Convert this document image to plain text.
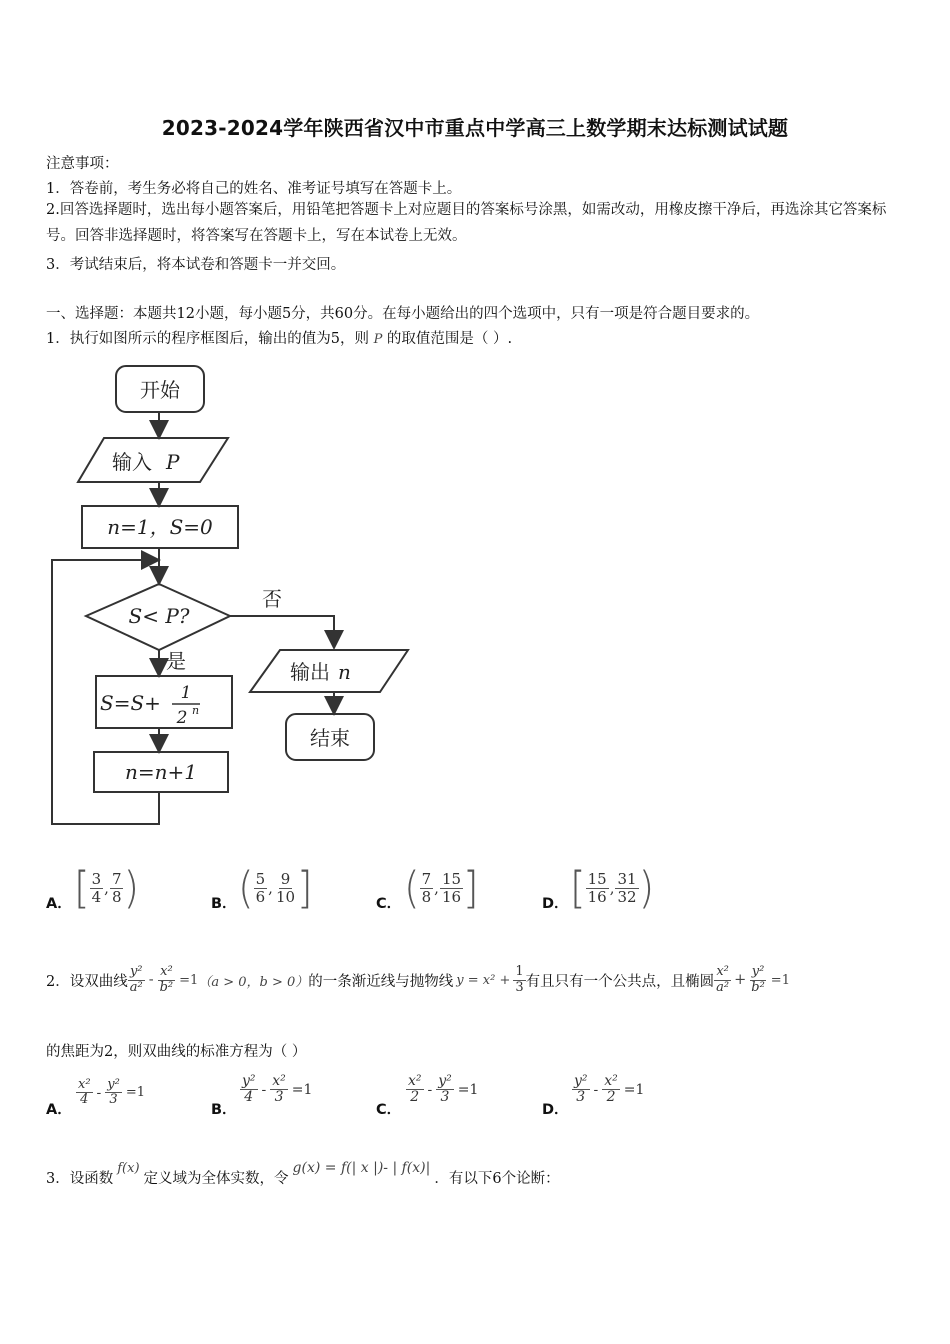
2023-2024学年陕西省汉中市重点中学高三上数学期末达标测试试题
注意事项：
1．答卷前，考生务必将自己的姓名、准考证号填写在答题卡上。
2.回答选择题时，选出每小题答案后，用铅笔把答题卡上对应题目的答案标号涂黑，如需改动，用橡皮擦干净后，再选涂其它答案标号。回答非选择题时，将答案写在答题卡上，写在本试卷上无效。
3．考试结束后，将本试卷和答题卡一并交回。
一、选择题：本题共12小题，每小题5分，共60分。在每小题给出的四个选项中，只有一项是符合题目要求的。
1．执行如图所示的程序框图后，输出的值为5，则 P 的取值范围是（ ）.
开始
输入 P
n=1，S=0
S< P?
否
是
S=S+ 1
2 n
n=n+1
输出 n
结束
A． [ $\frac{3}{4}$ , $\frac{7}{8}$ )	B． ( $\frac{5}{6}$ , $\frac{9}{10}$ ]	C． ( $\frac{7}{8}$ , $\frac{15}{16}$ ]	D． [ $\frac{15}{16}$ , $\frac{31}{32}$ )
2．设双曲线 $\frac{\text{y²}}{\text{a²}} - \frac{\text{x²}}{\text{b²}} =1$ （a > 0，b > 0） 的一条渐近线与抛物线 $y = x^2 + \frac{1}{3}$ 有且只有一个公共点，且椭圆 $\frac{\text{x²}}{\text{a²}} + \frac{\text{y²}}{\text{b²}} =1$
的焦距为2，则双曲线的标准方程为（ ）
A．
$\frac{\text{x²}}{4} - \frac{\text{y²}}{3} =1$
B．
$\frac{\text{y²}}{4} - \frac{\text{x²}}{3} =1$
C．
$\frac{\text{x²}}{2} - \frac{\text{y²}}{3} =1$
D．
$\frac{\text{y²}}{3} - \frac{\text{x²}}{2} =1$
3．设函数
f(x)
定义域为全体实数，令
g(x) = f(| x |)- | f(x)|
．有以下6个论断：
